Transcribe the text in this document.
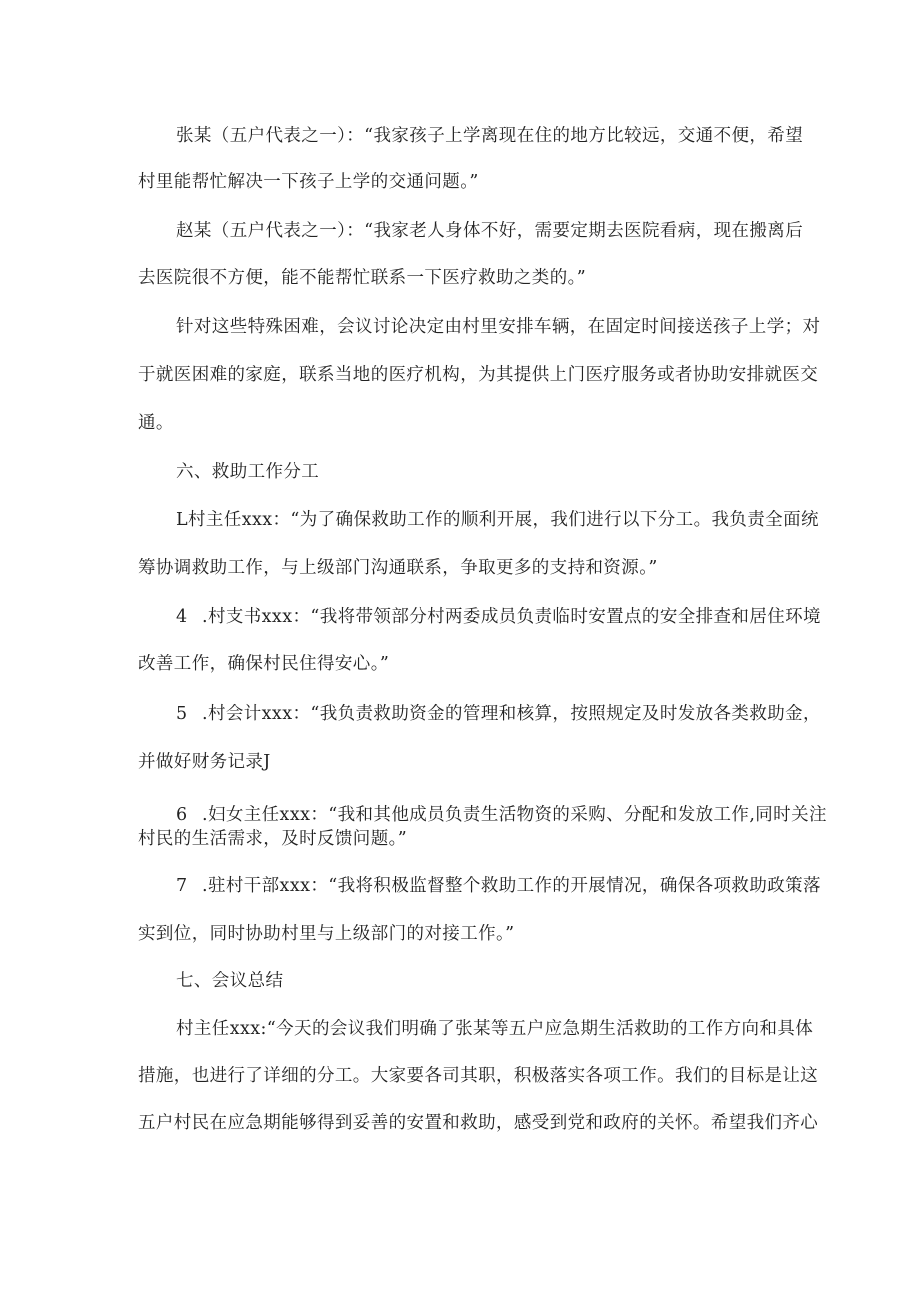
张某（五户代表之一）：“我家孩子上学离现在住的地方比较远，交通不便，希望
村里能帮忙解决一下孩子上学的交通问题。”
赵某（五户代表之一）：“我家老人身体不好，需要定期去医院看病，现在搬离后
去医院很不方便，能不能帮忙联系一下医疗救助之类的。”
针对这些特殊困难，会议讨论决定由村里安排车辆，在固定时间接送孩子上学；对
于就医困难的家庭，联系当地的医疗机构，为其提供上门医疗服务或者协助安排就医交
通。
六、救助工作分工
L村主任xxx：“为了确保救助工作的顺利开展，我们进行以下分工。我负责全面统
筹协调救助工作，与上级部门沟通联系，争取更多的支持和资源。”
4 .村支书xxx：“我将带领部分村两委成员负责临时安置点的安全排查和居住环境
改善工作，确保村民住得安心。”
5 .村会计xxx：“我负责救助资金的管理和核算，按照规定及时发放各类救助金，
并做好财务记录J
6 .妇女主任xxx：“我和其他成员负责生活物资的采购、分配和发放工作,同时关注
村民的生活需求，及时反馈问题。”
7 .驻村干部xxx：“我将积极监督整个救助工作的开展情况，确保各项救助政策落
实到位，同时协助村里与上级部门的对接工作。”
七、会议总结
村主任xxx:“今天的会议我们明确了张某等五户应急期生活救助的工作方向和具体
措施，也进行了详细的分工。大家要各司其职，积极落实各项工作。我们的目标是让这
五户村民在应急期能够得到妥善的安置和救助，感受到党和政府的关怀。希望我们齐心
